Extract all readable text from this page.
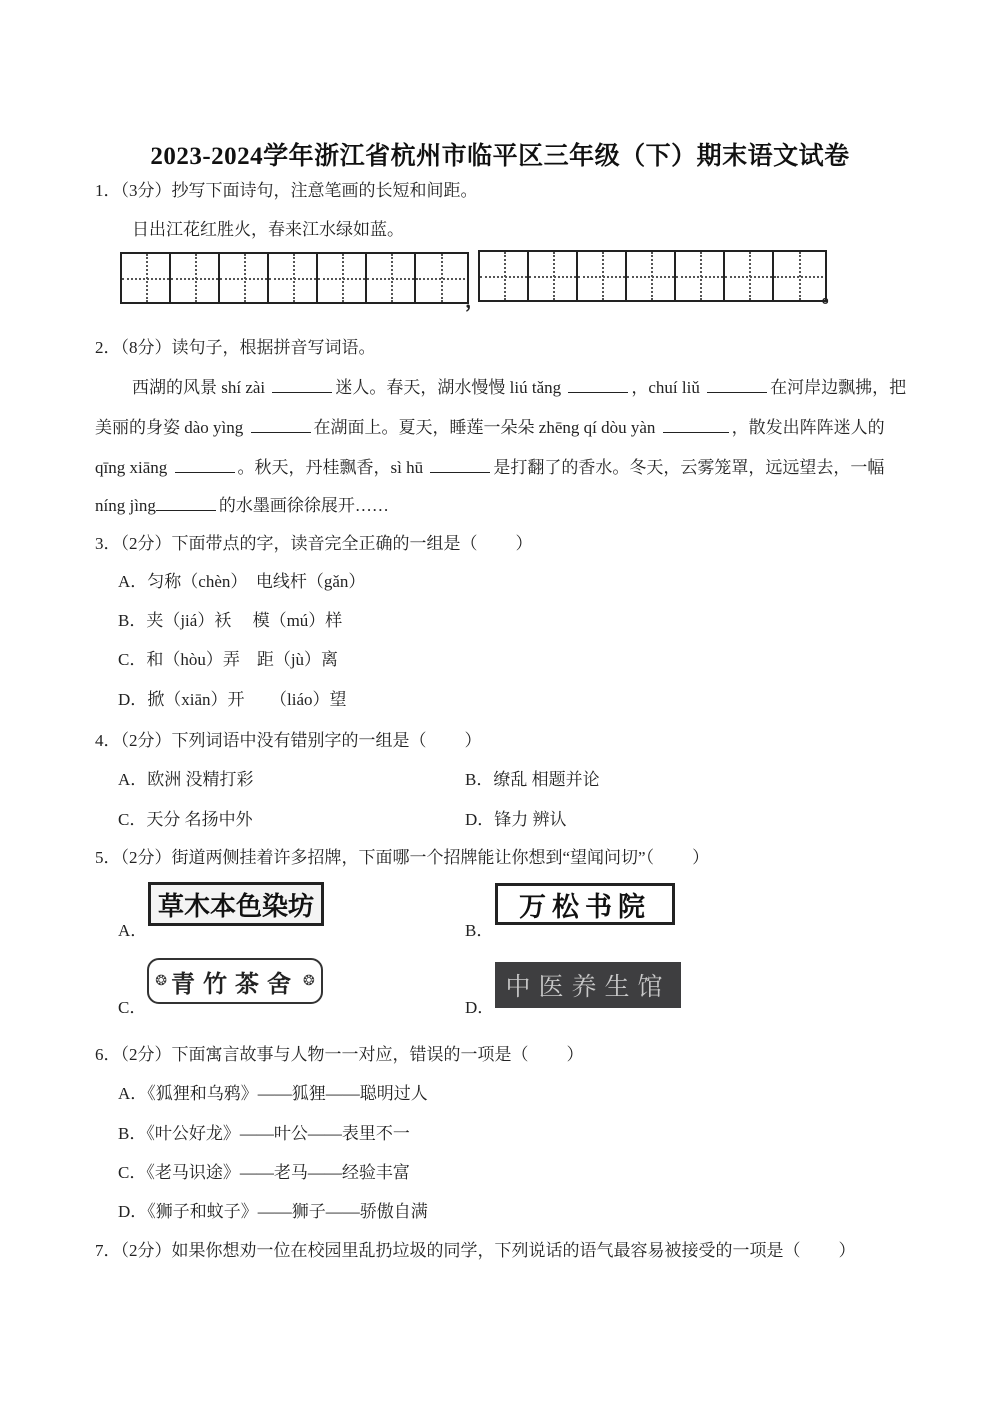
2023-2024学年浙江省杭州市临平区三年级（下）期末语文试卷
1．（3分）抄写下面诗句，注意笔画的长短和间距。
日出江花红胜火，春来江水绿如蓝。
，	。
2．（8分）读句子，根据拼音写词语。
西湖的风景 shí zài	迷人。春天，湖水慢慢 liú tǎng	，chuí liǔ	在河岸边飘拂，把
美丽的身姿 dào yìng	在湖面上。夏天，睡莲一朵朵 zhēng qí dòu yàn	，散发出阵阵迷人的
qīng xiāng	。秋天，丹桂飘香，sì hū	是打翻了的香水。冬天，云雾笼罩，远远望去，一幅
níng jìng	的水墨画徐徐展开……
3．（2分）下面带点的字，读音完全正确的一组是（ ）
A．匀称（chèn）　电线杆（gǎn）
B．夹（jiá）袄　 模（mú）样
C．和（hòu）弄　距（jù）离
D．掀（xiān）开　　（liáo）望
4．（2分）下列词语中没有错别字的一组是（ ）
A．欧洲 没精打彩	B．缭乱 相题并论
C．天分 名扬中外	D．锋力 辨认
5．（2分）街道两侧挂着许多招牌，下面哪一个招牌能让你想到“望闻问切”（ ）
A．
草木本色染坊
B．
万松书院
C．
❂ 青竹茶舍 ❂
D．
中医养生馆
6．（2分）下面寓言故事与人物一一对应，错误的一项是（ ）
A．《狐狸和乌鸦》——狐狸——聪明过人
B．《叶公好龙》——叶公——表里不一
C．《老马识途》——老马——经验丰富
D．《狮子和蚊子》——狮子——骄傲自满
7．（2分）如果你想劝一位在校园里乱扔垃圾的同学，下列说话的语气最容易被接受的一项是（ ）
